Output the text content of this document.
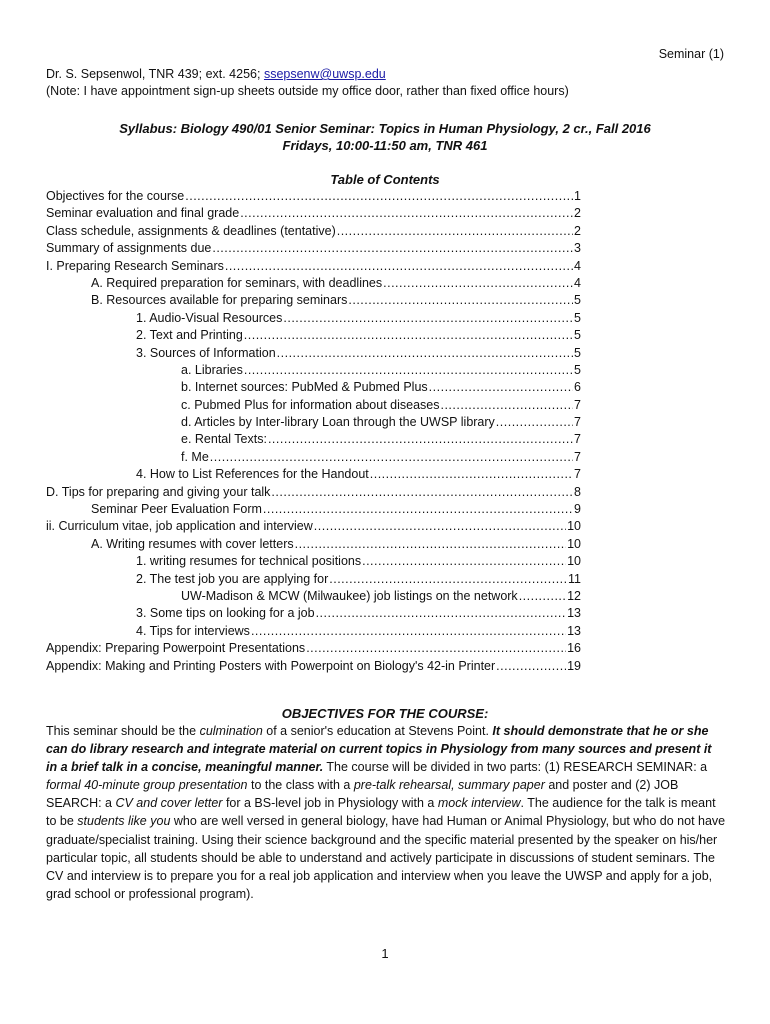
Seminar (1)
Dr. S. Sepsenwol, TNR 439; ext. 4256; ssepsenw@uwsp.edu
(Note: I have appointment sign-up sheets outside my office door, rather than fixed office hours)
Syllabus: Biology 490/01 Senior Seminar: Topics in Human Physiology, 2 cr., Fall 2016
Fridays, 10:00-11:50 am, TNR 461
Table of Contents
Objectives for the course .....	1
Seminar evaluation and final grade .....	2
Class schedule, assignments & deadlines (tentative) .....	2
Summary of assignments due .....	3
I. Preparing Research Seminars .....	4
A. Required preparation for seminars, with deadlines .....	4
B. Resources available for preparing seminars .....	5
1. Audio-Visual Resources .....	5
2. Text and Printing .....	5
3. Sources of Information .....	5
a. Libraries .....	5
b. Internet sources: PubMed & Pubmed Plus .....	6
c. Pubmed Plus for information about diseases .....	7
d. Articles by Inter-library Loan through the UWSP library .....	7
e. Rental Texts: .....	7
f. Me .....	7
4. How to List References for the Handout .....	7
D. Tips for preparing and giving your talk .....	8
Seminar Peer Evaluation Form .....	9
ii. Curriculum vitae, job application and interview .....	10
A. Writing resumes with cover letters .....	10
1. writing resumes for technical positions .....	10
2. The test job you are applying for .....	11
UW-Madison & MCW (Milwaukee) job listings on the network .....	12
3. Some tips on looking for a job .....	13
4. Tips for interviews .....	13
Appendix: Preparing Powerpoint Presentations .....	16
Appendix: Making and Printing Posters with Powerpoint on Biology's 42-in Printer .....	19
OBJECTIVES FOR THE COURSE:
This seminar should be the culmination of a senior's education at Stevens Point. It should demonstrate that he or she can do library research and integrate material on current topics in Physiology from many sources and present it in a brief talk in a concise, meaningful manner. The course will be divided in two parts: (1) RESEARCH SEMINAR: a formal 40-minute group presentation to the class with a pre-talk rehearsal, summary paper and poster and (2) JOB SEARCH: a CV and cover letter for a BS-level job in Physiology with a mock interview. The audience for the talk is meant to be students like you who are well versed in general biology, have had Human or Animal Physiology, but who do not have graduate/specialist training. Using their science background and the specific material presented by the speaker on his/her particular topic, all students should be able to understand and actively participate in discussions of student seminars. The CV and interview is to prepare you for a real job application and interview when you leave the UWSP and apply for a job, grad school or professional program).
1
